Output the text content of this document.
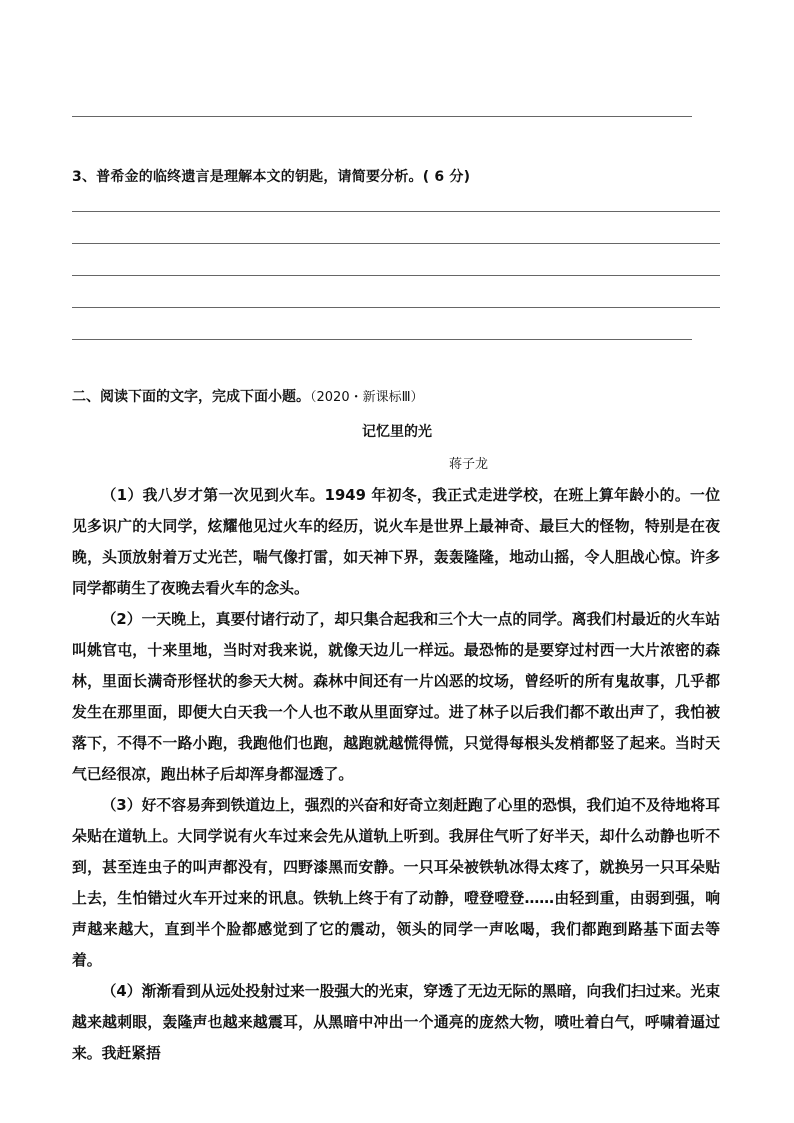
3、普希金的临终遗言是理解本文的钥匙，请简要分析。( 6 分)
二、阅读下面的文字，完成下面小题。（2020・新课标Ⅲ）
记忆里的光
蒋子龙

（1）我八岁才第一次见到火车。1949 年初冬，我正式走进学校，在班上算年龄小的。一位见多识广的大同学，炫耀他见过火车的经历，说火车是世界上最神奇、最巨大的怪物，特别是在夜晚，头顶放射着万丈光芒，喘气像打雷，如天神下界，轰轰隆隆，地动山摇，令人胆战心惊。许多同学都萌生了夜晚去看火车的念头。

（2）一天晚上，真要付诸行动了，却只集合起我和三个大一点的同学。离我们村最近的火车站叫姚官屯，十来里地，当时对我来说，就像天边儿一样远。最恐怖的是要穿过村西一大片浓密的森林，里面长满奇形怪状的参天大树。森林中间还有一片凶恶的坟场，曾经听的所有鬼故事，几乎都发生在那里面，即便大白天我一个人也不敢从里面穿过。进了林子以后我们都不敢出声了，我怕被落下，不得不一路小跑，我跑他们也跑，越跑就越慌得慌，只觉得每根头发梢都竖了起来。当时天气已经很凉，跑出林子后却浑身都湿透了。

（3）好不容易奔到铁道边上，强烈的兴奋和好奇立刻赶跑了心里的恐惧，我们迫不及待地将耳朵贴在道轨上。大同学说有火车过来会先从道轨上听到。我屏住气听了好半天，却什么动静也听不到，甚至连虫子的叫声都没有，四野漆黑而安静。一只耳朵被铁轨冰得太疼了，就换另一只耳朵贴上去，生怕错过火车开过来的讯息。铁轨上终于有了动静，噔登噔登……由轻到重，由弱到强，响声越来越大，直到半个脸都感觉到了它的震动，领头的同学一声吆喝，我们都跑到路基下面去等着。

（4）渐渐看到从远处投射过来一股强大的光束，穿透了无边无际的黑暗，向我们扫过来。光束越来越刺眼，轰隆声也越来越震耳，从黑暗中冲出一个通亮的庞然大物，喷吐着白气，呼啸着逼过来。我赶紧捂
